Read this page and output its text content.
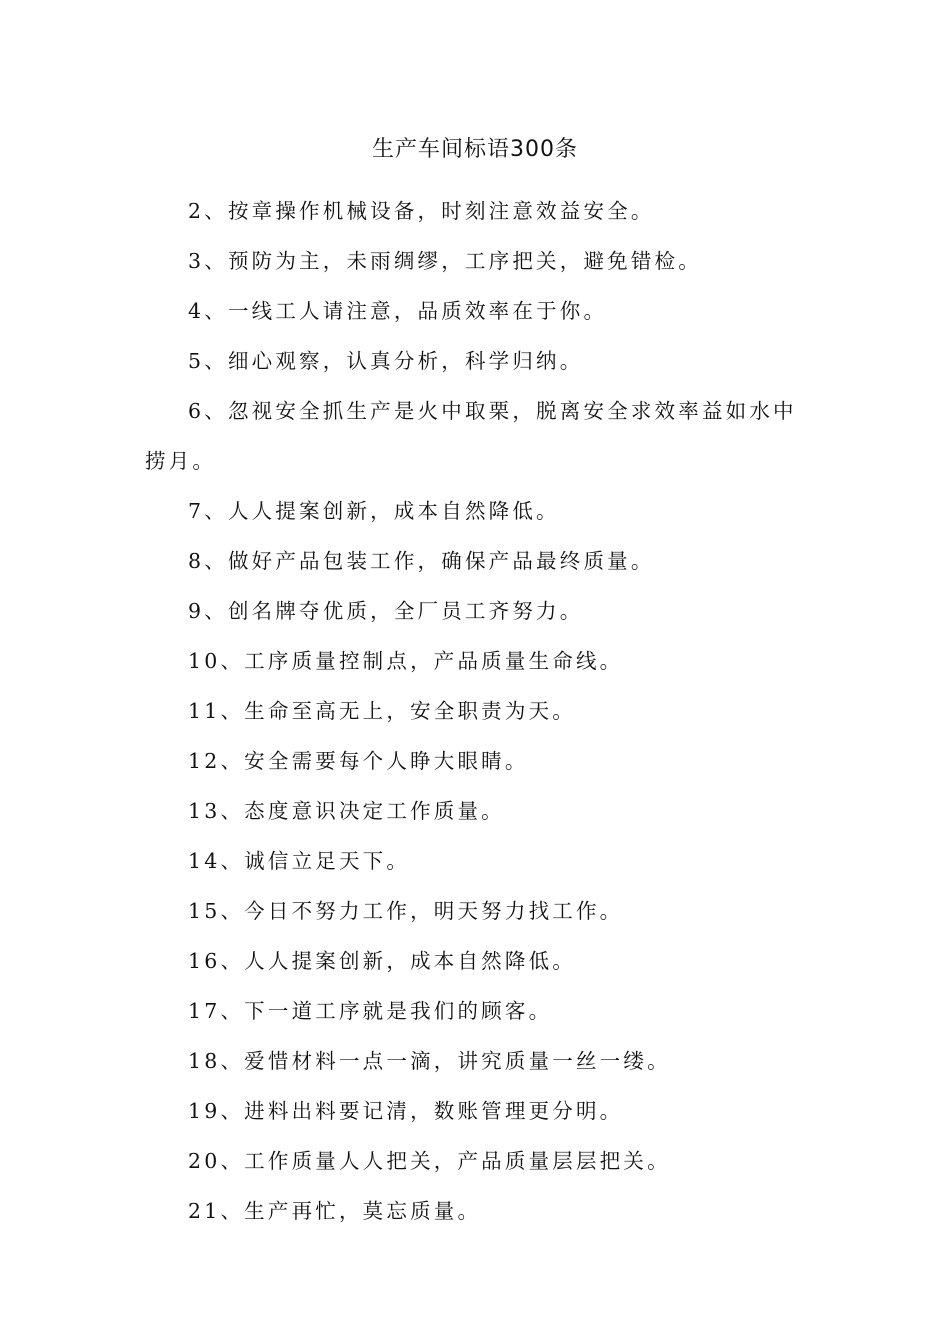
生产车间标语300条
2、按章操作机械设备，时刻注意效益安全。
3、预防为主，未雨绸缪，工序把关，避免错检。
4、一线工人请注意，品质效率在于你。
5、细心观察，认真分析，科学归纳。
6、忽视安全抓生产是火中取栗，脱离安全求效率益如水中捞月。
7、人人提案创新，成本自然降低。
8、做好产品包装工作，确保产品最终质量。
9、创名牌夺优质，全厂员工齐努力。
10、工序质量控制点，产品质量生命线。
11、生命至高无上，安全职责为天。
12、安全需要每个人睁大眼睛。
13、态度意识决定工作质量。
14、诚信立足天下。
15、今日不努力工作，明天努力找工作。
16、人人提案创新，成本自然降低。
17、下一道工序就是我们的顾客。
18、爱惜材料一点一滴，讲究质量一丝一缕。
19、进料出料要记清，数账管理更分明。
20、工作质量人人把关，产品质量层层把关。
21、生产再忙，莫忘质量。
